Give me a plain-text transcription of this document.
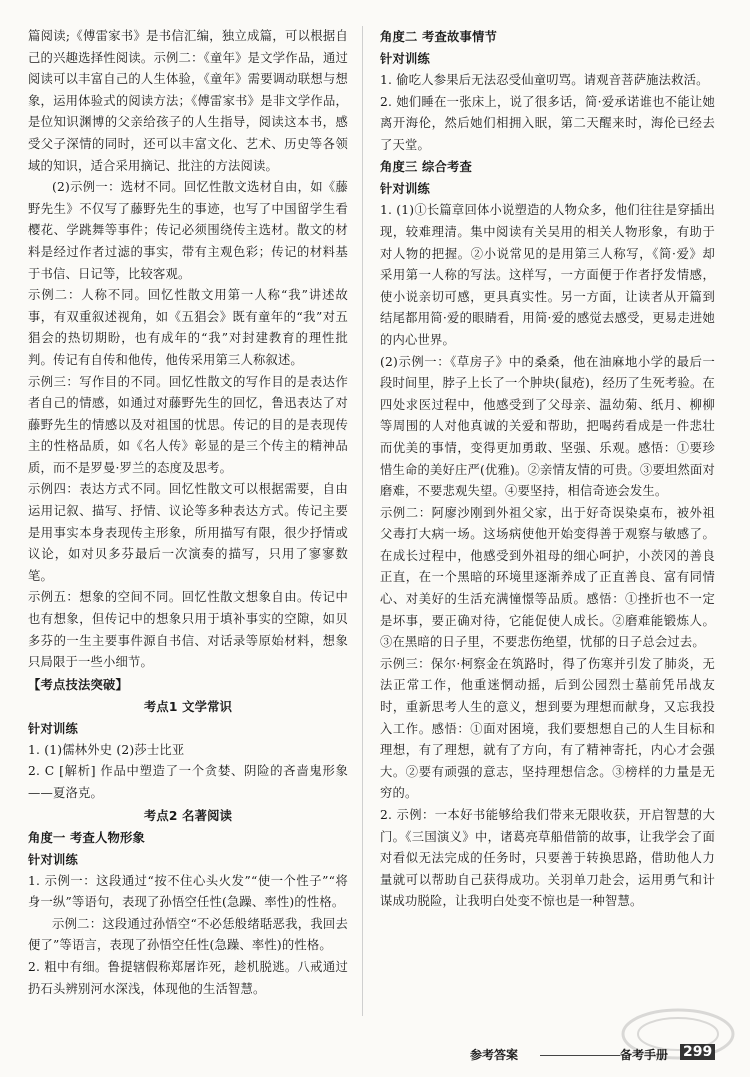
篇阅读;《傅雷家书》是书信汇编，独立成篇，可以根据自己的兴趣选择性阅读。示例二：《童年》是文学作品，通过阅读可以丰富自己的人生体验，《童年》需要调动联想与想象，运用体验式的阅读方法；《傅雷家书》是非文学作品，是位知识渊博的父亲给孩子的人生指导，阅读这本书，感受父子深情的同时，还可以丰富文化、艺术、历史等各领域的知识，适合采用摘记、批注的方法阅读。

(2)示例一：选材不同。回忆性散文选材自由，如《藤野先生》不仅写了藤野先生的事迹，也写了中国留学生看樱花、学跳舞等事件；传记必须围绕传主选材。散文的材料是经过作者过滤的事实，带有主观色彩；传记的材料基于书信、日记等，比较客观。

示例二：人称不同。回忆性散文用第一人称“我”讲述故事，有双重叙述视角，如《五猖会》既有童年的“我”对五猖会的热切期盼，也有成年的“我”对封建教育的理性批判。传记有自传和他传，他传采用第三人称叙述。

示例三：写作目的不同。回忆性散文的写作目的是表达作者自己的情感，如通过对藤野先生的回忆，鲁迅表达了对藤野先生的情感以及对祖国的忧思。传记的目的是表现传主的性格品质，如《名人传》彰显的是三个传主的精神品质，而不是罗曼·罗兰的态度及思考。

示例四：表达方式不同。回忆性散文可以根据需要，自由运用记叙、描写、抒情、议论等多种表达方式。传记主要是用事实本身表现传主形象，所用描写有限，很少抒情或议论，如对贝多芬最后一次演奏的描写，只用了寥寥数笔。

示例五：想象的空间不同。回忆性散文想象自由。传记中也有想象，但传记中的想象只用于填补事实的空隙，如贝多芬的一生主要事件源自书信、对话录等原始材料，想象只局限于一些小细节。

【考点技法突破】

考点1 文学常识

针对训练

1. (1)儒林外史 (2)莎士比亚

2. C [解析] 作品中塑造了一个贪婪、阴险的吝啬鬼形象——夏洛克。

考点2 名著阅读

角度一 考查人物形象

针对训练

1. 示例一：这段通过“按不住心头火发”“使一个性子”“将身一纵”等语句，表现了孙悟空任性(急躁、率性)的性格。

示例二：这段通过孙悟空“不必恁般绪聒恶我，我回去便了”等语言，表现了孙悟空任性(急躁、率性)的性格。

2. 粗中有细。鲁提辖假称郑屠诈死，趁机脱逃。八戒通过扔石头辨别河水深浅，体现他的生活智慧。

角度二 考查故事情节

针对训练

1. 偷吃人参果后无法忍受仙童叨骂。请观音菩萨施法救活。

2. 她们睡在一张床上，说了很多话，简·爱承诺谁也不能让她离开海伦，然后她们相拥入眠，第二天醒来时，海伦已经去了天堂。

角度三 综合考查

针对训练

1. (1)①长篇章回体小说塑造的人物众多，他们往往是穿插出现，较难理清。集中阅读有关吴用的相关人物形象，有助于对人物的把握。②小说常见的是用第三人称写，《简·爱》却采用第一人称的写法。这样写，一方面便于作者抒发情感，使小说亲切可感，更具真实性。另一方面，让读者从开篇到结尾都用简·爱的眼睛看，用简·爱的感觉去感受，更易走进她的内心世界。

(2)示例一：《草房子》中的桑桑，他在油麻地小学的最后一段时间里，脖子上长了一个肿块(鼠疮)，经历了生死考验。在四处求医过程中，他感受到了父母亲、温幼菊、纸月、柳柳等周围的人对他真诚的关爱和帮助，把喝药看成是一件悲壮而优美的事情，变得更加勇敢、坚强、乐观。感悟：①要珍惜生命的美好庄严(优雅)。②亲情友情的可贵。③要坦然面对磨难，不要悲观失望。④要坚持，相信奇迹会发生。

示例二：阿廖沙刚到外祖父家，出于好奇误染桌布，被外祖父毒打大病一场。这场病使他开始变得善于观察与敏感了。在成长过程中，他感受到外祖母的细心呵护，小茨冈的善良正直，在一个黑暗的环境里逐渐养成了正直善良、富有同情心、对美好的生活充满憧憬等品质。感悟：①挫折也不一定是坏事，要正确对待，它能促使人成长。②磨难能锻炼人。③在黑暗的日子里，不要悲伤绝望，忧郁的日子总会过去。

示例三：保尔·柯察金在筑路时，得了伤寒并引发了肺炎，无法正常工作，他重迷惘动摇，后到公园烈士墓前凭吊战友时，重新思考人生的意义，想到要为理想而献身，又忘我投入工作。感悟：①面对困境，我们要想想自己的人生目标和理想，有了理想，就有了方向，有了精神寄托，内心才会强大。②要有顽强的意志，坚持理想信念。③榜样的力量是无穷的。

2. 示例：一本好书能够给我们带来无限收获，开启智慧的大门。《三国演义》中，诸葛亮草船借箭的故事，让我学会了面对看似无法完成的任务时，只要善于转换思路，借助他人力量就可以帮助自己获得成功。关羽单刀赴会，运用勇气和计谋成功脱险，让我明白处变不惊也是一种智慧。

参考答案	备考手册 299
